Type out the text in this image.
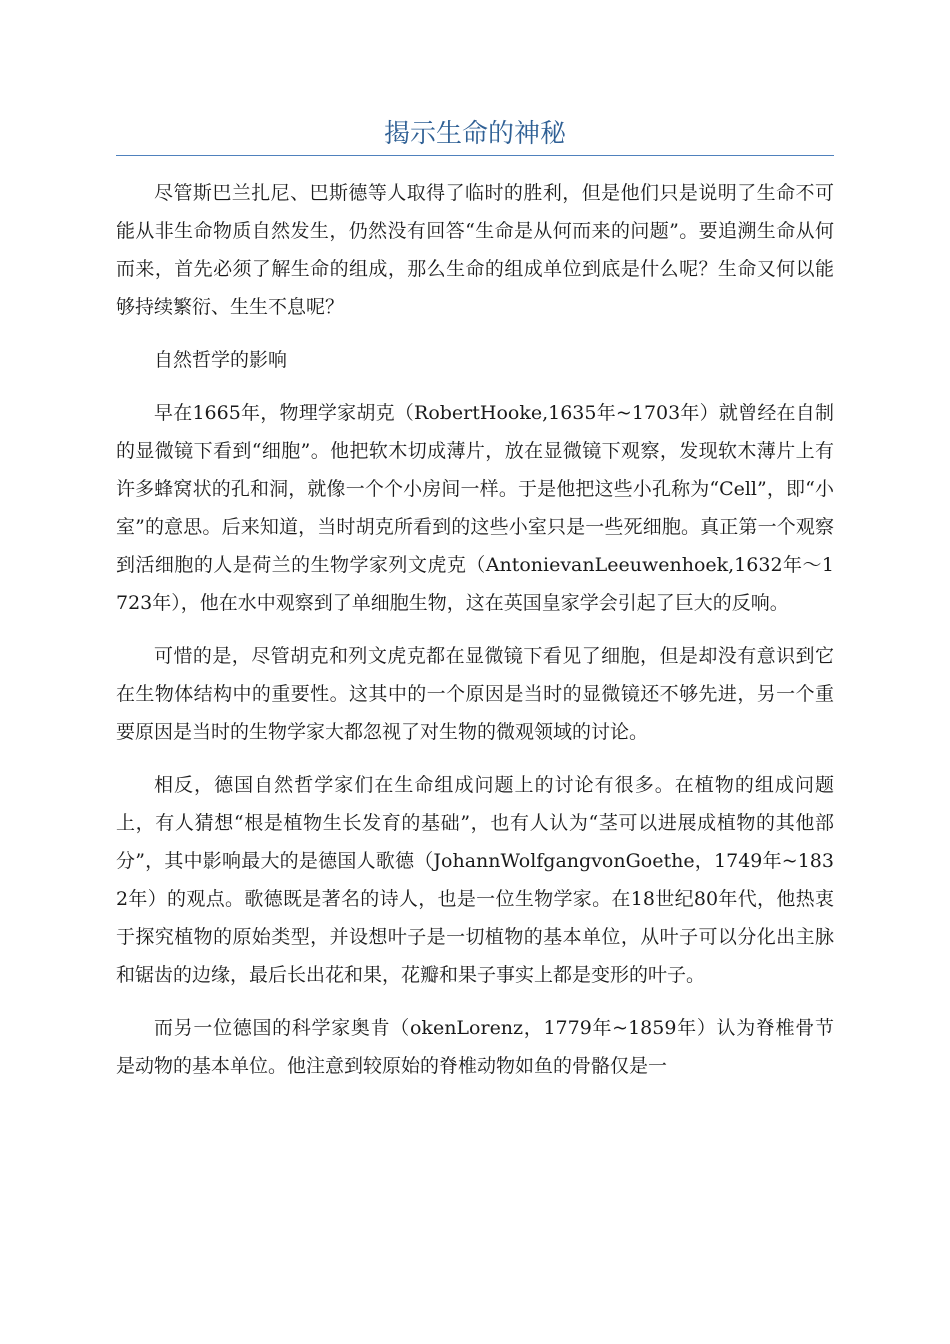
揭示生命的神秘

尽管斯巴兰扎尼、巴斯德等人取得了临时的胜利，但是他们只是说明了生命不可能从非生命物质自然发生，仍然没有回答“生命是从何而来的问题”。要追溯生命从何而来，首先必须了解生命的组成，那么生命的组成单位到底是什么呢？生命又何以能够持续繁衍、生生不息呢？

自然哲学的影响

早在1665年，物理学家胡克（RobertHooke,1635年~1703年）就曾经在自制的显微镜下看到“细胞”。他把软木切成薄片，放在显微镜下观察，发现软木薄片上有许多蜂窝状的孔和洞，就像一个个小房间一样。于是他把这些小孔称为“Cell”，即“小室”的意思。后来知道，当时胡克所看到的这些小室只是一些死细胞。真正第一个观察到活细胞的人是荷兰的生物学家列文虎克（AntonievanLeeuwenhoek,1632年～1723年），他在水中观察到了单细胞生物，这在英国皇家学会引起了巨大的反响。

可惜的是，尽管胡克和列文虎克都在显微镜下看见了细胞，但是却没有意识到它在生物体结构中的重要性。这其中的一个原因是当时的显微镜还不够先进，另一个重要原因是当时的生物学家大都忽视了对生物的微观领域的讨论。

相反，德国自然哲学家们在生命组成问题上的讨论有很多。在植物的组成问题上，有人猜想“根是植物生长发育的基础”，也有人认为“茎可以进展成植物的其他部分”，其中影响最大的是德国人歌德（JohannWolfgangvonGoethe，1749年~1832年）的观点。歌德既是著名的诗人，也是一位生物学家。在18世纪80年代，他热衷于探究植物的原始类型，并设想叶子是一切植物的基本单位，从叶子可以分化出主脉和锯齿的边缘，最后长出花和果，花瓣和果子事实上都是变形的叶子。

而另一位德国的科学家奥肯（okenLorenz，1779年~1859年）认为脊椎骨节是动物的基本单位。他注意到较原始的脊椎动物如鱼的骨骼仅是一
